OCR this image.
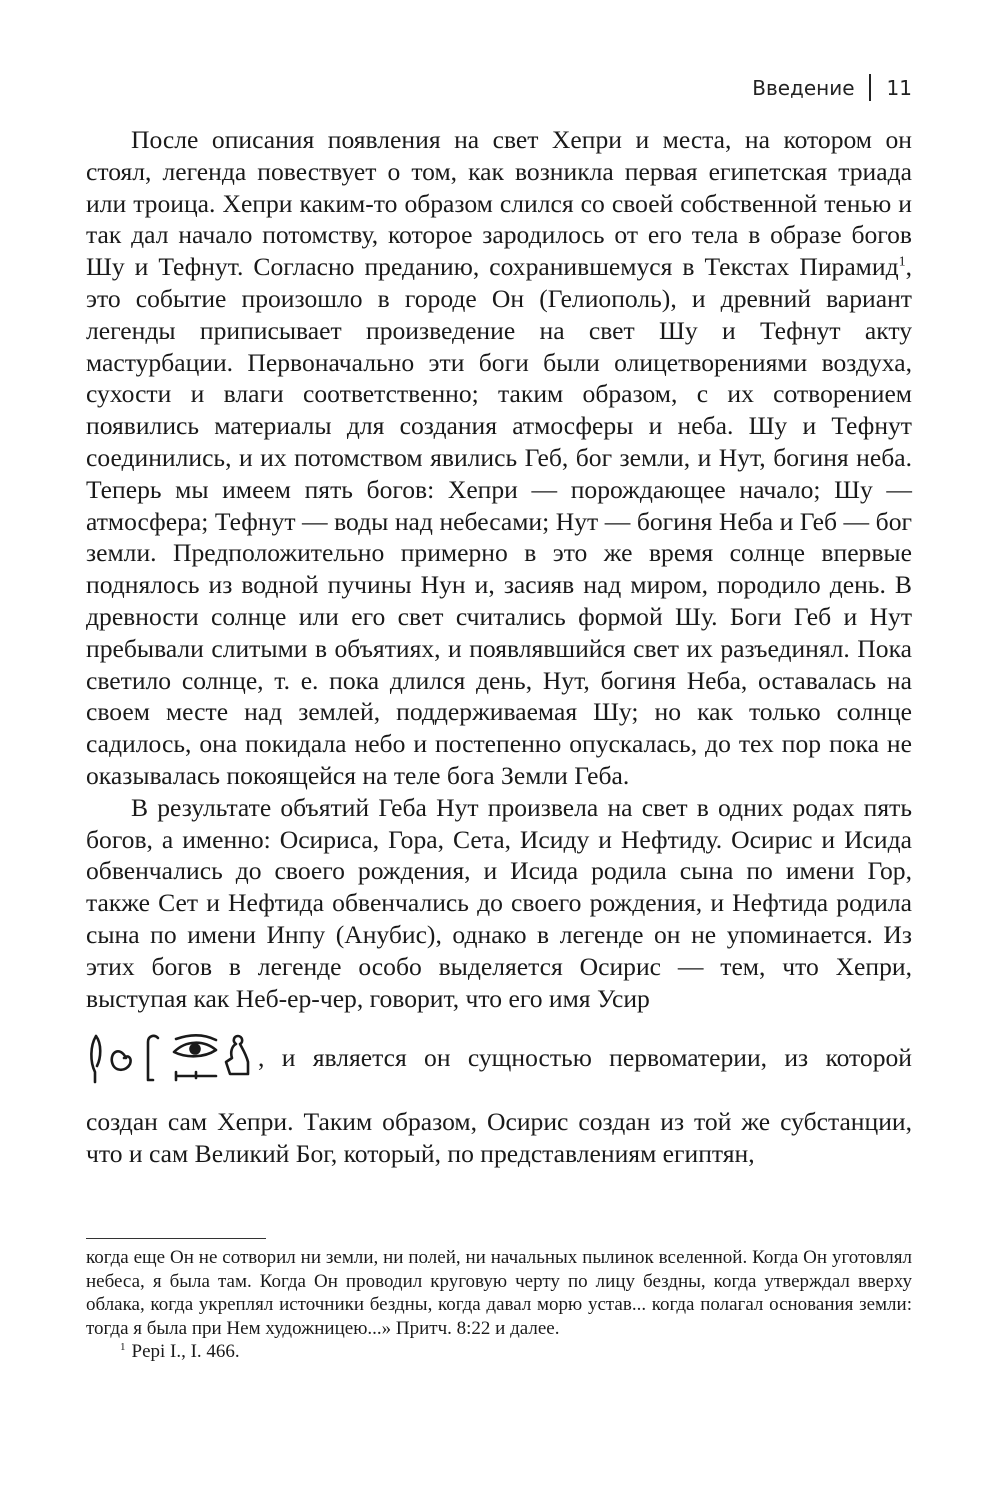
Введение 11

После описания появления на свет Хепри и места, на котором он стоял, легенда повествует о том, как возникла первая египетская триада или троица. Хепри каким-то образом слился со своей собственной тенью и так дал начало потомству, которое зародилось от его тела в образе богов Шу и Тефнут. Согласно преданию, сохранившемуся в Текстах Пирамид$^1$, это событие произошло в городе Он (Гелиополь), и древний вариант легенды приписывает произведение на свет Шу и Тефнут акту мастурбации. Первоначально эти боги были олицетворениями воздуха, сухости и влаги соответственно; таким образом, с их сотворением появились материалы для создания атмосферы и неба. Шу и Тефнут соединились, и их потомством явились Геб, бог земли, и Нут, богиня неба. Теперь мы имеем пять богов: Хепри — порождающее начало; Шу — атмосфера; Тефнут — воды над небесами; Нут — богиня Неба и Геб — бог земли. Предположительно примерно в это же время солнце впервые поднялось из водной пучины Нун и, засияв над миром, породило день. В древности солнце или его свет считались формой Шу. Боги Геб и Нут пребывали слитыми в объятиях, и появлявшийся свет их разъединял. Пока светило солнце, т. е. пока длился день, Нут, богиня Неба, оставалась на своем месте над землей, поддерживаемая Шу; но как только солнце садилось, она покидала небо и постепенно опускалась, до тех пор пока не оказывалась покоящейся на теле бога Земли Геба.

В результате объятий Геба Нут произвела на свет в одних родах пять богов, а именно: Осириса, Гора, Сета, Исиду и Нефтиду. Осирис и Исида обвенчались до своего рождения, и Исида родила сына по имени Гор, также Сет и Нефтида обвенчались до своего рождения, и Нефтида родила сына по имени Инпу (Анубис), однако в легенде он не упоминается. Из этих богов в легенде особо выделяется Осирис — тем, что Хепри, выступая как Неб-ер-чер, говорит, что его имя Усир

, и является он сущностью первоматерии, из которой

создан сам Хепри. Таким образом, Осирис создан из той же субстанции, что и сам Великий Бог, который, по представлениям египтян,

когда еще Он не сотворил ни земли, ни полей, ни начальных пылинок вселенной. Когда Он уготовлял небеса, я была там. Когда Он проводил круговую черту по лицу бездны, когда утверждал вверху облака, когда укреплял источники бездны, когда давал морю устав... когда полагал основания земли: тогда я была при Нем художницею...» Притч. 8:22 и далее.

$^1$ Pepi I., I. 466.
